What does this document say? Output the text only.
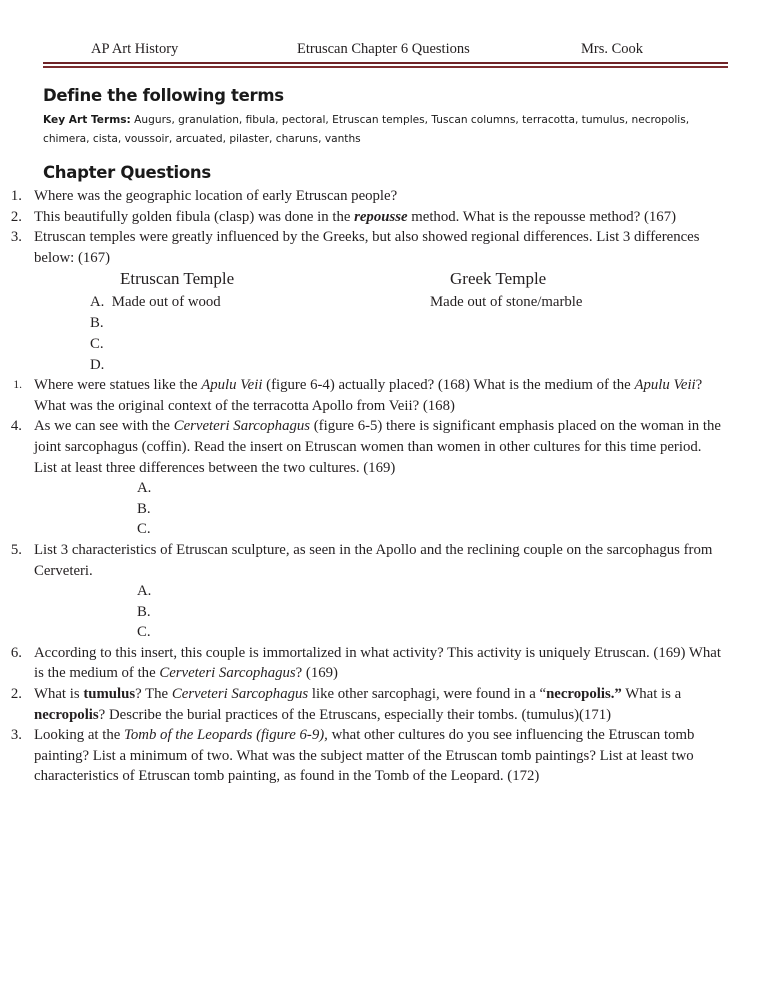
AP Art History	Etruscan Chapter 6 Questions	Mrs. Cook
Define the following terms
Key Art Terms: Augurs, granulation, fibula, pectoral, Etruscan temples, Tuscan columns, terracotta, tumulus, necropolis, chimera, cista, voussoir, arcuated, pilaster, charuns, vanths
Chapter Questions
1. Where was the geographic location of early Etruscan people?
2. This beautifully golden fibula (clasp) was done in the repousse method. What is the repousse method? (167)
3. Etruscan temples were greatly influenced by the Greeks, but also showed regional differences. List 3 differences below: (167)
Etruscan Temple	Greek Temple
A. Made out of wood	Made out of stone/marble
B.
C.
D.
1. Where were statues like the Apulu Veii (figure 6-4) actually placed? (168) What is the medium of the Apulu Veii? What was the original context of the terracotta Apollo from Veii? (168)
4. As we can see with the Cerveteri Sarcophagus (figure 6-5) there is significant emphasis placed on the woman in the joint sarcophagus (coffin). Read the insert on Etruscan women than women in other cultures for this time period. List at least three differences between the two cultures. (169)
A.
B.
C.
5. List 3 characteristics of Etruscan sculpture, as seen in the Apollo and the reclining couple on the sarcophagus from Cerveteri.
A.
B.
C.
6. According to this insert, this couple is immortalized in what activity? This activity is uniquely Etruscan. (169) What is the medium of the Cerveteri Sarcophagus? (169)
2. What is tumulus? The Cerveteri Sarcophagus like other sarcophagi, were found in a “necropolis.” What is a necropolis? Describe the burial practices of the Etruscans, especially their tombs. (tumulus)(171)
3. Looking at the Tomb of the Leopards (figure 6-9), what other cultures do you see influencing the Etruscan tomb painting? List a minimum of two. What was the subject matter of the Etruscan tomb paintings? List at least two characteristics of Etruscan tomb painting, as found in the Tomb of the Leopard. (172)
